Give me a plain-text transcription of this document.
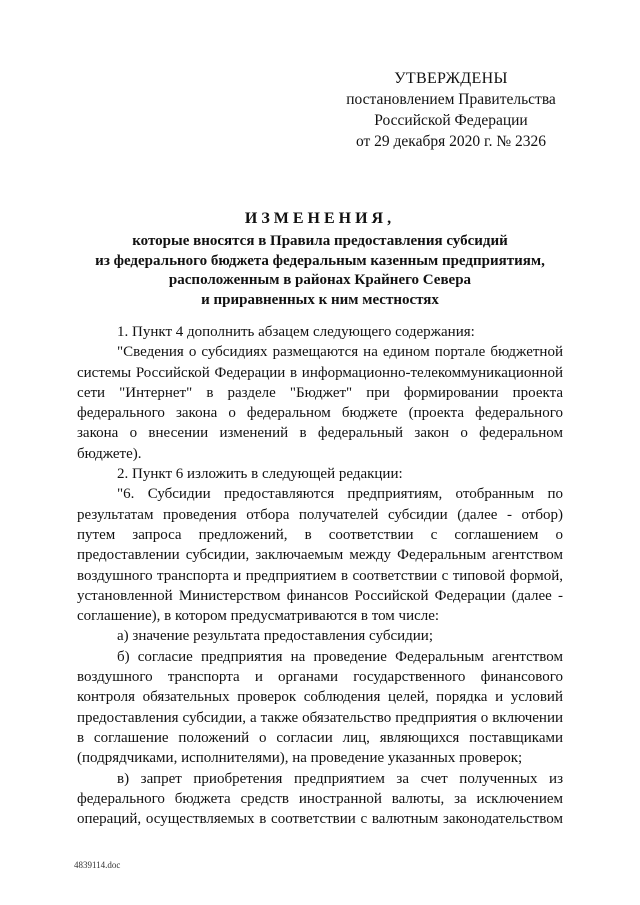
УТВЕРЖДЕНЫ
постановлением Правительства
Российской Федерации
от 29 декабря 2020 г. № 2326
ИЗМЕНЕНИЯ,
которые вносятся в Правила предоставления субсидий
из федерального бюджета федеральным казенным предприятиям,
расположенным в районах Крайнего Севера
и приравненных к ним местностях

1. Пункт 4 дополнить абзацем следующего содержания:

"Сведения о субсидиях размещаются на едином портале бюджетной системы Российской Федерации в информационно-телекоммуникационной сети "Интернет" в разделе "Бюджет" при формировании проекта федерального закона о федеральном бюджете (проекта федерального закона о внесении изменений в федеральный закон о федеральном бюджете).

2. Пункт 6 изложить в следующей редакции:

"6. Субсидии предоставляются предприятиям, отобранным по результатам проведения отбора получателей субсидии (далее - отбор) путем запроса предложений, в соответствии с соглашением о предоставлении субсидии, заключаемым между Федеральным агентством воздушного транспорта и предприятием в соответствии с типовой формой, установленной Министерством финансов Российской Федерации (далее - соглашение), в котором предусматриваются в том числе:

а) значение результата предоставления субсидии;

б) согласие предприятия на проведение Федеральным агентством воздушного транспорта и органами государственного финансового контроля обязательных проверок соблюдения целей, порядка и условий предоставления субсидии, а также обязательство предприятия о включении в соглашение положений о согласии лиц, являющихся поставщиками (подрядчиками, исполнителями), на проведение указанных проверок;

в) запрет приобретения предприятием за счет полученных из федерального бюджета средств иностранной валюты, за исключением операций, осуществляемых в соответствии с валютным законодательством

4839114.doc
